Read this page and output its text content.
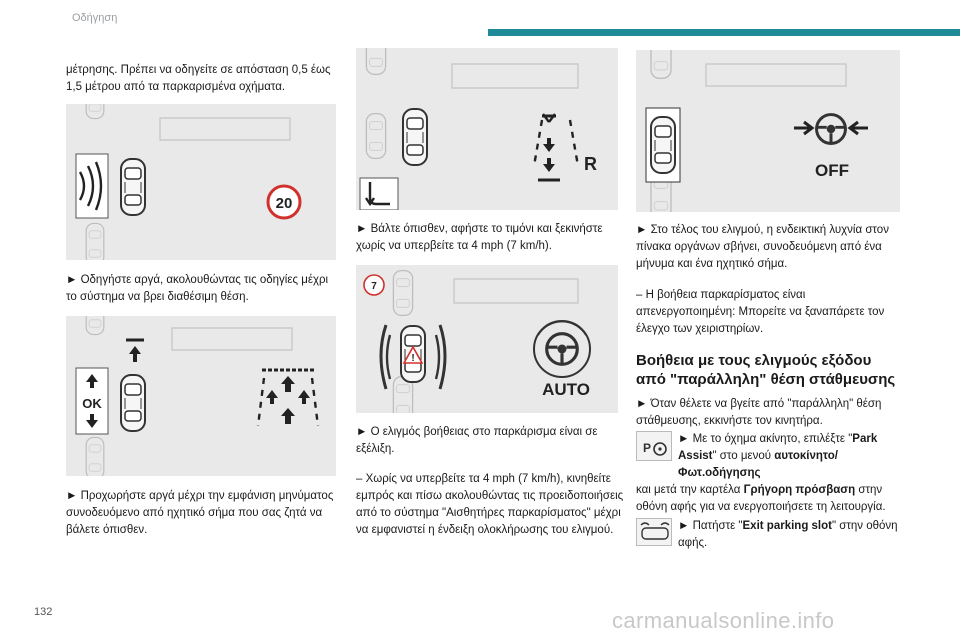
Οδήγηση

μέτρησης. Πρέπει να οδηγείτε σε απόσταση 0,5 έως 1,5 μέτρου από τα παρκαρισμένα οχήματα.

20

► Οδηγήστε αργά, ακολουθώντας τις οδηγίες μέχρι το σύστημα να βρει διαθέσιμη θέση.

OK

► Προχωρήστε αργά μέχρι την εμφάνιση μηνύματος συνοδευόμενο από ηχητικό σήμα που σας ζητά να βάλετε όπισθεν.

R

► Βάλτε όπισθεν, αφήστε το τιμόνι και ξεκινήστε χωρίς να υπερβείτε τα 4 mph (7 km/h).

7
!
AUTO

► Ο ελιγμός βοήθειας στο παρκάρισμα είναι σε εξέλιξη.

– Χωρίς να υπερβείτε τα 4 mph (7 km/h), κινηθείτε εμπρός και πίσω ακολουθώντας τις προειδοποιήσεις από το σύστημα "Αισθητήρες παρκαρίσματος" μέχρι να εμφανιστεί η ένδειξη ολοκλήρωσης του ελιγμού.

OFF

► Στο τέλος του ελιγμού, η ενδεικτική λυχνία στον πίνακα οργάνων σβήνει, συνοδευόμενη από ένα μήνυμα και ένα ηχητικό σήμα.

– Η βοήθεια παρκαρίσματος είναι απενεργοποιημένη: Μπορείτε να ξαναπάρετε τον έλεγχο των χειριστηρίων.

Βοήθεια με τους ελιγμούς εξόδου από "παράλληλη" θέση στάθμευσης

► Όταν θέλετε να βγείτε από "παράλληλη" θέση στάθμευσης, εκκινήστε τον κινητήρα.

P

► Με το όχημα ακίνητο, επιλέξτε "Park Assist" στο μενού αυτοκίνητο/Φωτ.οδήγησης

και μετά την καρτέλα Γρήγορη πρόσβαση στην οθόνη αφής για να ενεργοποιήσετε τη λειτουργία.

► Πατήστε "Exit parking slot" στην οθόνη αφής.

132	carmanualsonline.info
